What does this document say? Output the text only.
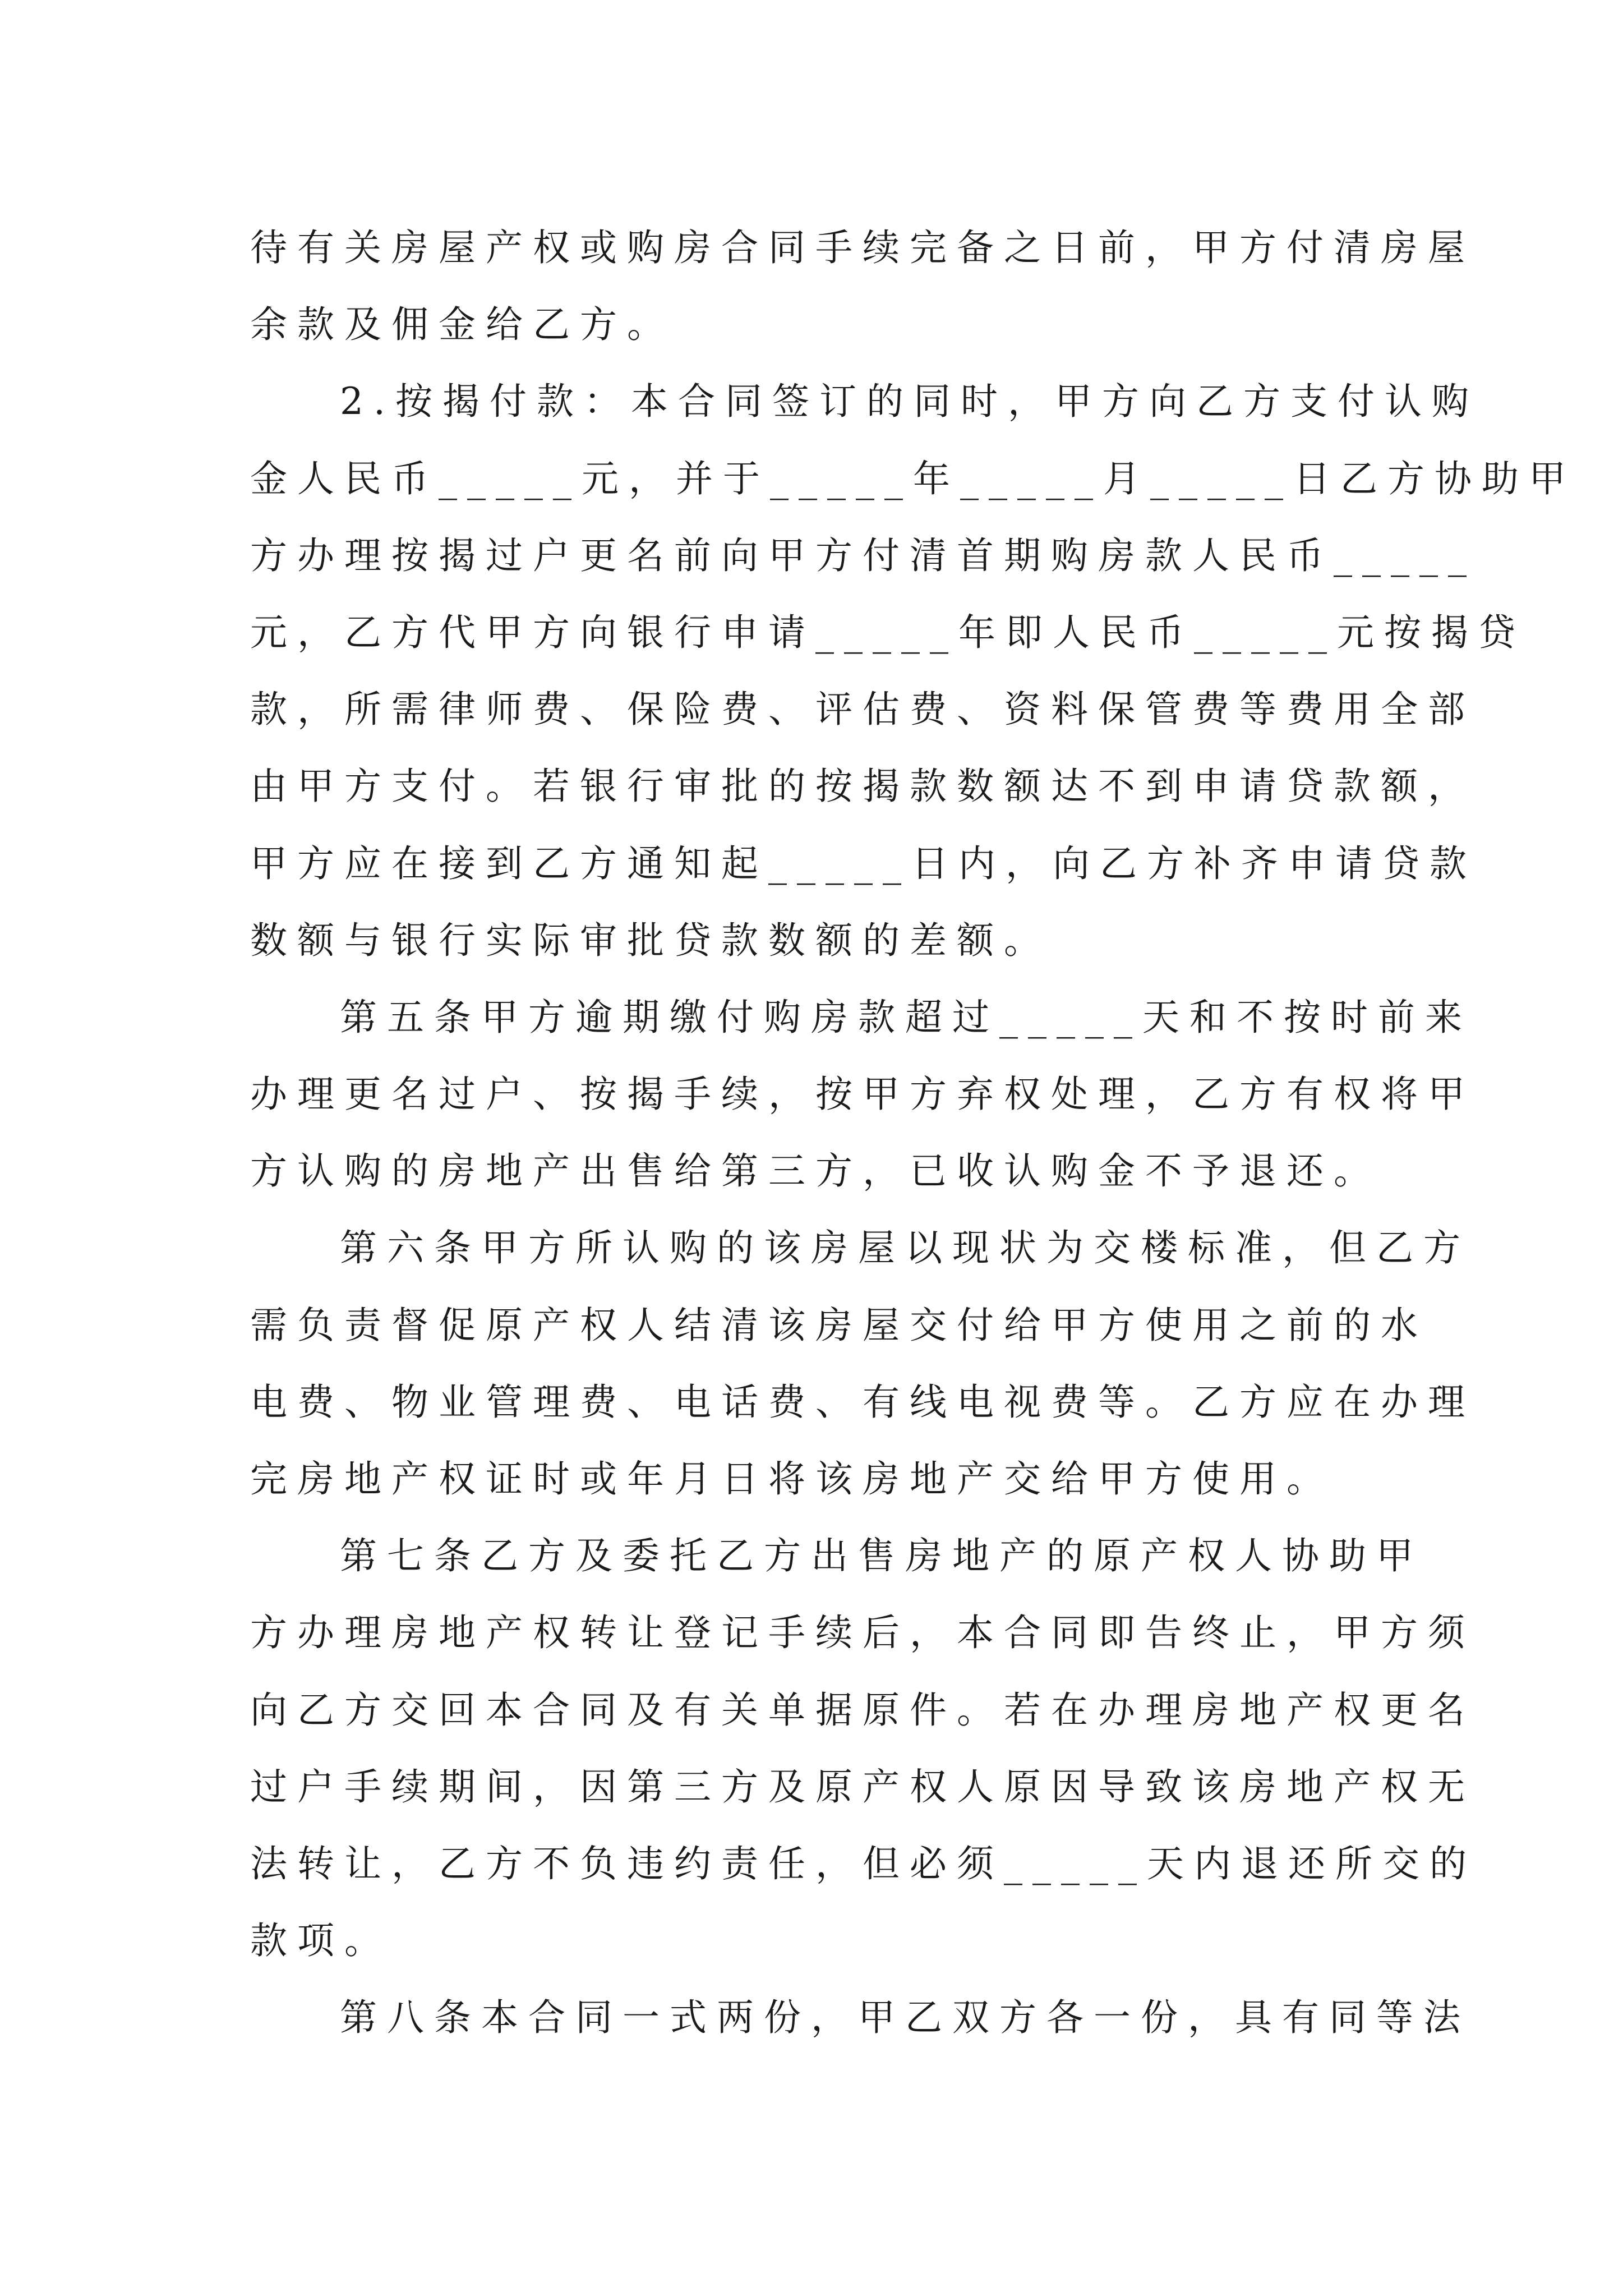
待有关房屋产权或购房合同手续完备之日前，甲方付清房屋
余款及佣金给乙方。
2.按揭付款：本合同签订的同时，甲方向乙方支付认购
金人民币_____元，并于_____年_____月_____日乙方协助甲
方办理按揭过户更名前向甲方付清首期购房款人民币_____
元，乙方代甲方向银行申请_____年即人民币_____元按揭贷
款，所需律师费、保险费、评估费、资料保管费等费用全部
由甲方支付。若银行审批的按揭款数额达不到申请贷款额，
甲方应在接到乙方通知起_____日内，向乙方补齐申请贷款
数额与银行实际审批贷款数额的差额。
第五条甲方逾期缴付购房款超过_____天和不按时前来
办理更名过户、按揭手续，按甲方弃权处理，乙方有权将甲
方认购的房地产出售给第三方，已收认购金不予退还。
第六条甲方所认购的该房屋以现状为交楼标准，但乙方
需负责督促原产权人结清该房屋交付给甲方使用之前的水
电费、物业管理费、电话费、有线电视费等。乙方应在办理
完房地产权证时或年月日将该房地产交给甲方使用。
第七条乙方及委托乙方出售房地产的原产权人协助甲
方办理房地产权转让登记手续后，本合同即告终止，甲方须
向乙方交回本合同及有关单据原件。若在办理房地产权更名
过户手续期间，因第三方及原产权人原因导致该房地产权无
法转让，乙方不负违约责任，但必须_____天内退还所交的
款项。
第八条本合同一式两份，甲乙双方各一份，具有同等法
